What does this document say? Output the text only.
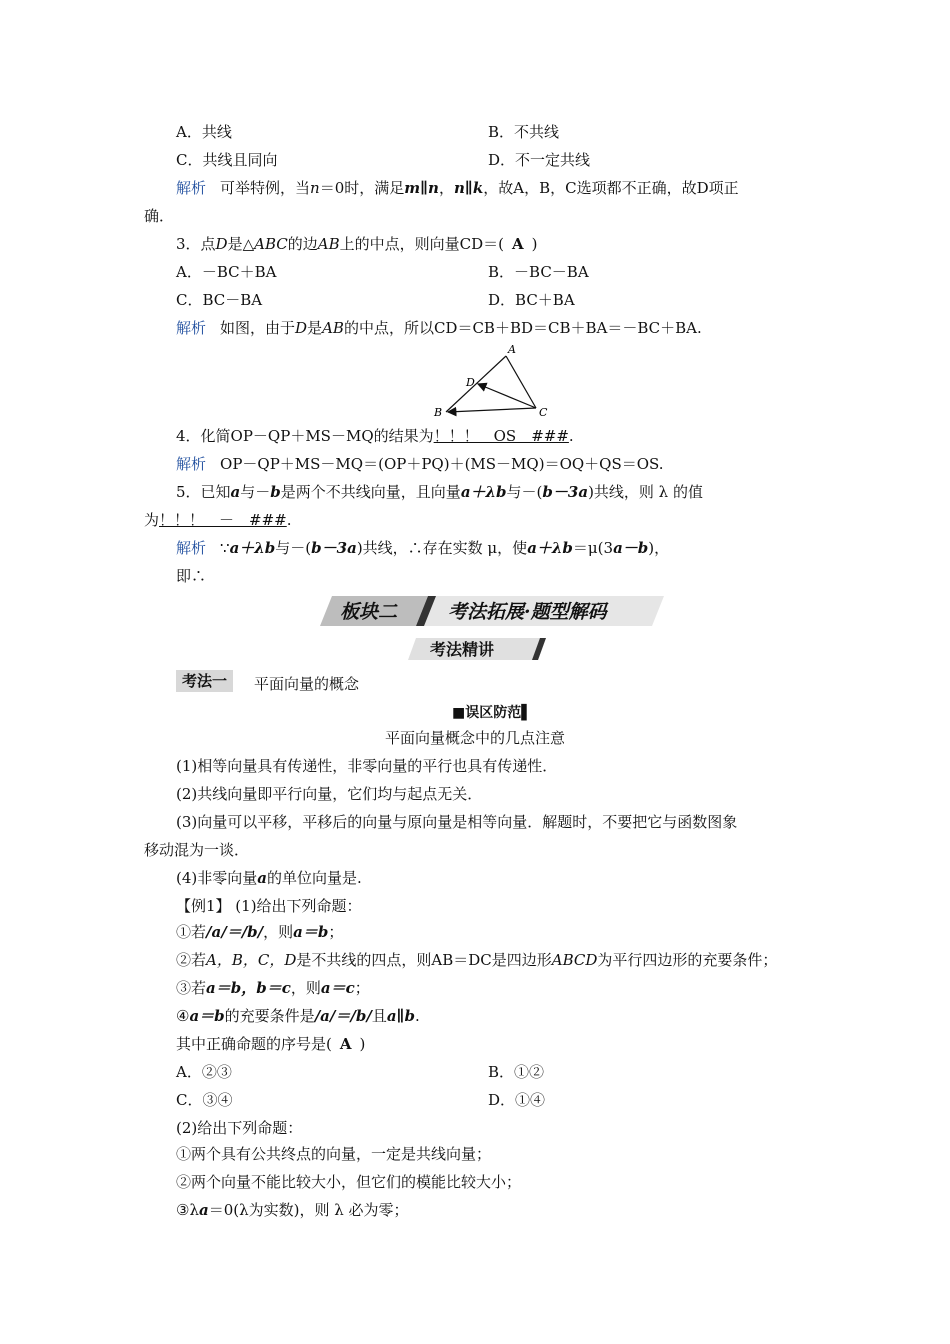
A．共线	B．不共线
C．共线且同向	D．不一定共线
解析 可举特例，当n＝0时，满足m∥n，n∥k，故A，B，C选项都不正确，故D项正
确．
3．点D是△ABC的边AB上的中点，则向量CD＝( A )
A．－BC＋BA	B．－BC－BA
C．BC－BA	D．BC＋BA
解析 如图，由于D是AB的中点，所以CD＝CB＋BD＝CB＋BA＝－BC＋BA.
A
B	C
D
4．化简OP－QP＋MS－MQ的结果为！！！　OS　###.
解析 OP－QP＋MS－MQ＝(OP＋PQ)＋(MS－MQ)＝OQ＋QS＝OS.
5．已知a与－b是两个不共线向量，且向量a＋λb与－(b－3a)共线，则 λ 的值
为！！！　－　###.
解析 ∵a＋λb与－(b－3a)共线，∴存在实数 μ，使a＋λb＝μ(3a－b)，
即∴
板块二	考法拓展·题型解码
考法精讲
考法一	平面向量的概念
■误区防范▌
平面向量概念中的几点注意
(1)相等向量具有传递性，非零向量的平行也具有传递性．
(2)共线向量即平行向量，它们均与起点无关．
(3)向量可以平移，平移后的向量与原向量是相等向量．解题时，不要把它与函数图象
移动混为一谈．
(4)非零向量a的单位向量是.
【例1】 (1)给出下列命题：
①若/a/＝/b/，则a＝b；
②若A，B，C，D是不共线的四点，则AB＝DC是四边形ABCD为平行四边形的充要条件；
③若a＝b，b＝c，则a＝c；
④a＝b的充要条件是/a/＝/b/且a∥b.
其中正确命题的序号是( A )
A．②③	B．①②
C．③④	D．①④
(2)给出下列命题：
①两个具有公共终点的向量，一定是共线向量；
②两个向量不能比较大小，但它们的模能比较大小；
③λa＝0(λ为实数)，则 λ 必为零；
